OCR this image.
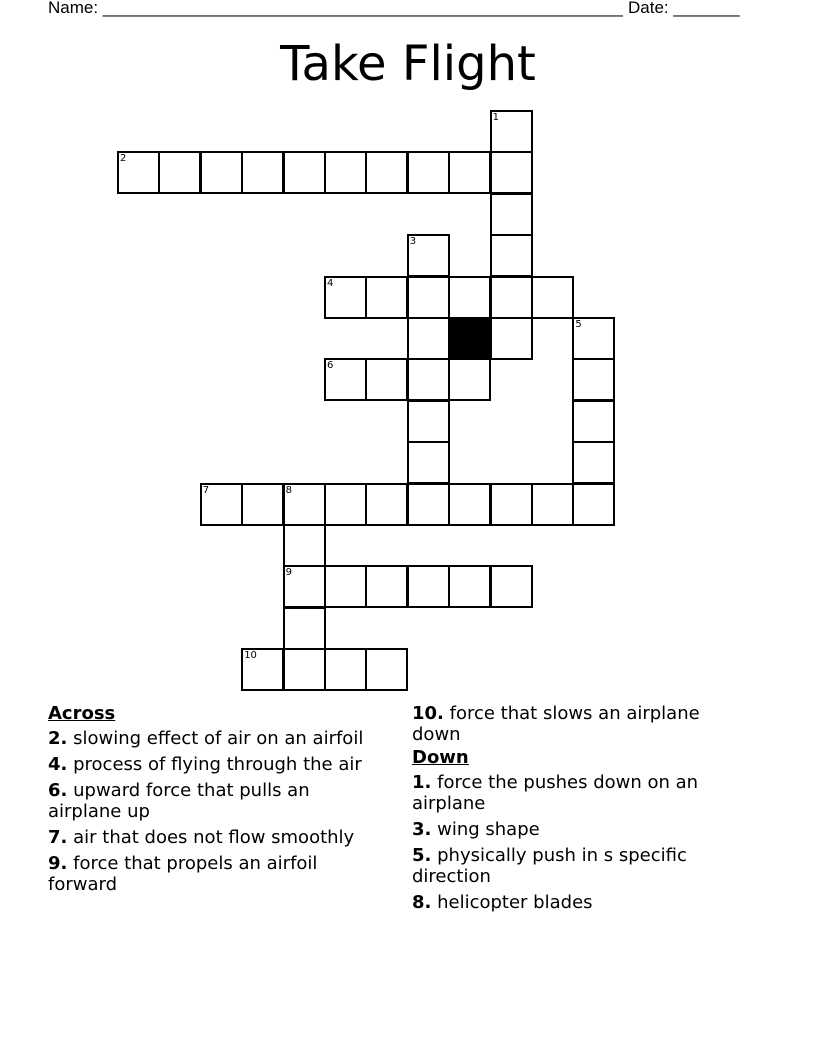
Name: _______________________________________________________ Date: _______
Take Flight
1
2
3
4
5
6
7	8
9
10
Across
2. slowing effect of air on an airfoil
4. process of flying through the air
6. upward force that pulls an airplane up
7. air that does not flow smoothly
9. force that propels an airfoil forward
10. force that slows an airplane down
Down
1. force the pushes down on an airplane
3. wing shape
5. physically push in s specific direction
8. helicopter blades
